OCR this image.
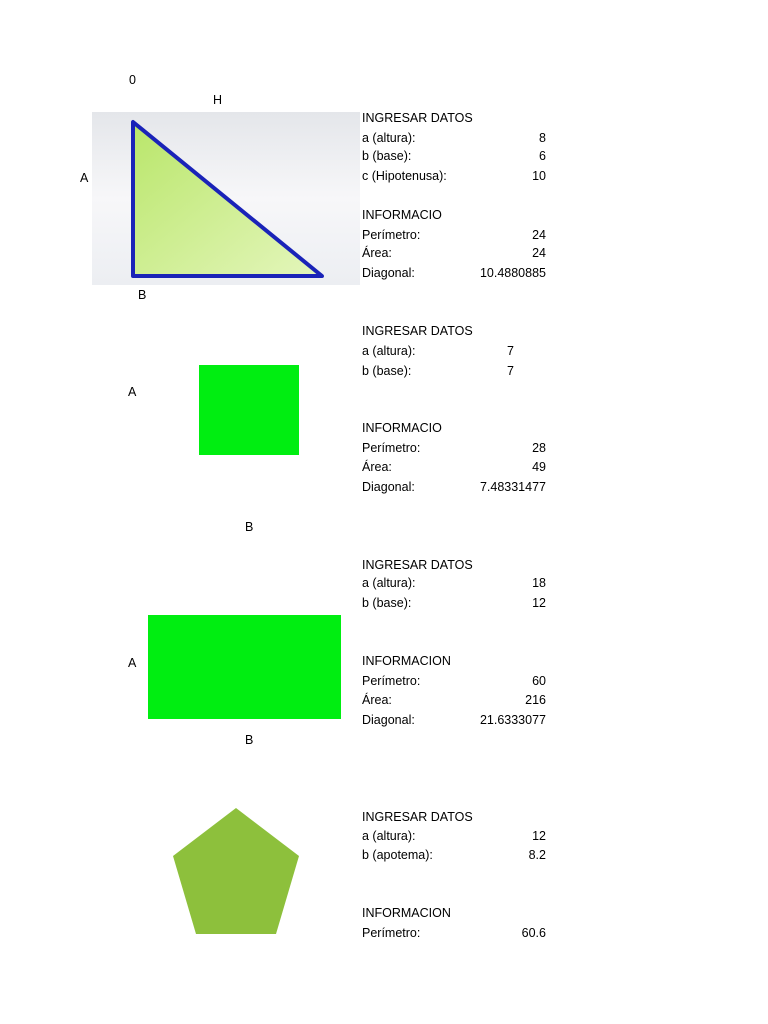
0
H
A
B
INGRESAR DATOS
a (altura):	8
b (base):	6
c (Hipotenusa):	10
INFORMACIO
Perímetro:	24
Área:	24
Diagonal:	10.4880885
A
B
INGRESAR DATOS
a (altura):	7
b (base):	7
INFORMACIO
Perímetro:	28
Área:	49
Diagonal:	7.48331477
A
B
INGRESAR DATOS
a (altura):	18
b (base):	12
INFORMACION
Perímetro:	60
Área:	216
Diagonal:	21.6333077
INGRESAR DATOS
a (altura):	12
b (apotema):	8.2
INFORMACION
Perímetro:	60.6
